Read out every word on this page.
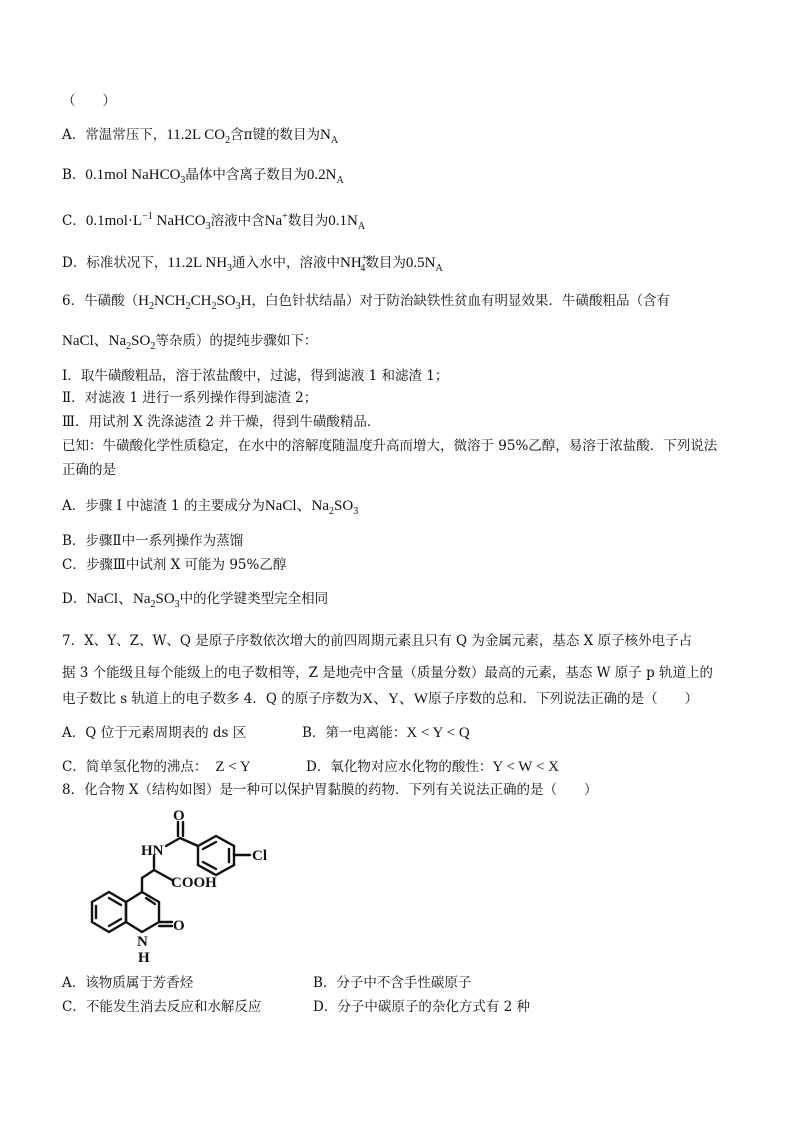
（　　）
A．常温常压下，11.2L $CO_2$含π键的数目为$N_A$
B．0.1mol NaHCO$_3$晶体中含离子数目为$0.2N_A$
C．$0.1mol\cdot L^{-1}$ NaHCO$_3$溶液中含Na+数目为$0.1N_A$
D．标准状况下，11.2L $NH_3$通入水中，溶液中$NH^+_4$数目为$0.5N_A$
6．牛磺酸（$H_2NCH_2CH_2SO_3H$，白色针状结晶）对于防治缺铁性贫血有明显效果．牛磺酸粗品（含有
NaCl、$Na_2SO_2$等杂质）的提纯步骤如下：
I．取牛磺酸粗品，溶于浓盐酸中，过滤，得到滤液 1 和滤渣 1；
Ⅱ．对滤液 1 进行一系列操作得到滤渣 2；
Ⅲ．用试剂 X 洗涤滤渣 2 并干燥，得到牛磺酸精品．
已知：牛磺酸化学性质稳定，在水中的溶解度随温度升高而增大，微溶于 95%乙醇，易溶于浓盐酸．下列说法
正确的是
A．步骤 I 中滤渣 1 的主要成分为NaCl、$Na_2SO_3$
B．步骤Ⅱ中一系列操作为蒸馏
C．步骤Ⅲ中试剂 X 可能为 95%乙醇
D．NaCl、$Na_2SO_3$中的化学键类型完全相同
7．X、Y、Z、W、Q 是原子序数依次增大的前四周期元素且只有 Q 为金属元素，基态 X 原子核外电子占
据 3 个能级且每个能级上的电子数相等，Z 是地壳中含量（质量分数）最高的元素，基态 W 原子 p 轨道上的
电子数比 s 轨道上的电子数多 4．Q 的原子序数为X、Y、W原子序数的总和．下列说法正确的是（　　）
A．Q 位于元素周期表的 ds 区	B．第一电离能：X < Y < Q
C．简单氢化物的沸点： Z < Y	D．氧化物对应水化物的酸性：Y < W < X
8．化合物 X（结构如图）是一种可以保护胃黏膜的药物．下列有关说法正确的是（　　）
O
HN	Cl
COOH
N
H
O
A．该物质属于芳香烃	B．分子中不含手性碳原子
C．不能发生消去反应和水解反应	D．分子中碳原子的杂化方式有 2 种
